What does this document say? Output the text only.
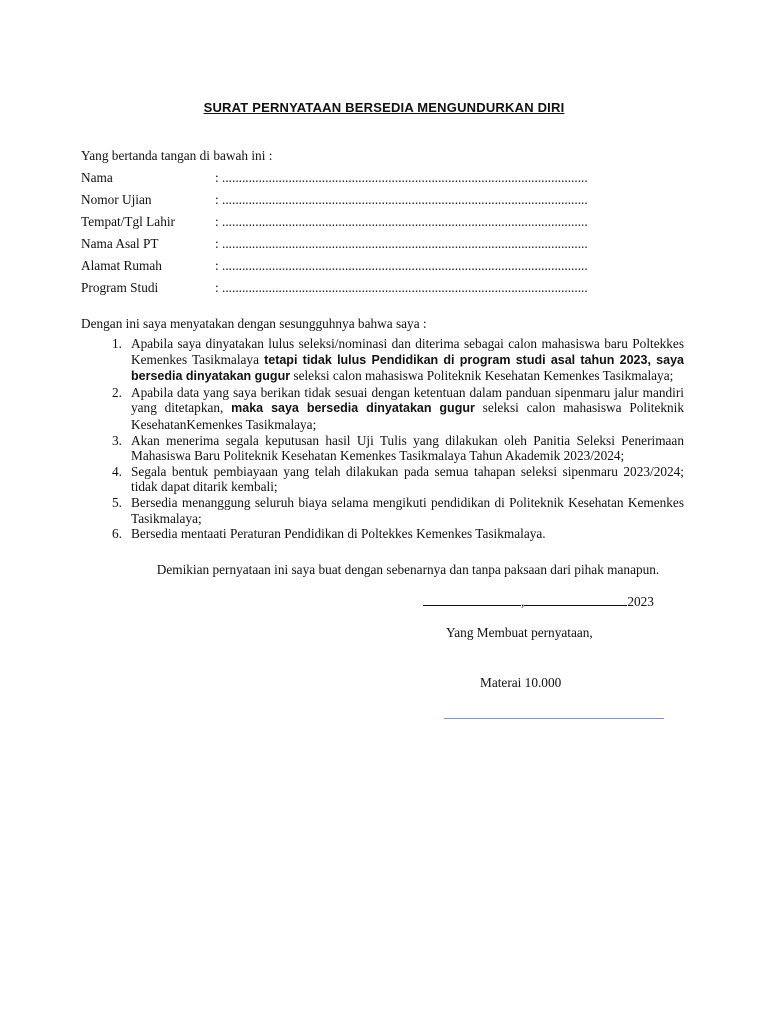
SURAT PERNYATAAN BERSEDIA MENGUNDURKAN DIRI
Yang bertanda tangan di bawah ini :
Nama	: ..............................................................................................................
Nomor Ujian	: ..............................................................................................................
Tempat/Tgl Lahir	: ..............................................................................................................
Nama Asal PT	: ..............................................................................................................
Alamat Rumah	: ..............................................................................................................
Program Studi	: ..............................................................................................................
Dengan ini saya menyatakan dengan sesungguhnya bahwa saya :
1. Apabila saya dinyatakan lulus seleksi/nominasi dan diterima sebagai calon mahasiswa baru Poltekkes Kemenkes Tasikmalaya tetapi tidak lulus Pendidikan di program studi asal tahun 2023, saya bersedia dinyatakan gugur seleksi calon mahasiswa Politeknik Kesehatan Kemenkes Tasikmalaya;
2. Apabila data yang saya berikan tidak sesuai dengan ketentuan dalam panduan sipenmaru jalur mandiri yang ditetapkan, maka saya bersedia dinyatakan gugur seleksi calon mahasiswa Politeknik KesehatanKemenkes Tasikmalaya;
3. Akan menerima segala keputusan hasil Uji Tulis yang dilakukan oleh Panitia Seleksi Penerimaan Mahasiswa Baru Politeknik Kesehatan Kemenkes Tasikmalaya Tahun Akademik 2023/2024;
4. Segala bentuk pembiayaan yang telah dilakukan pada semua tahapan seleksi sipenmaru 2023/2024; tidak dapat ditarik kembali;
5. Bersedia menanggung seluruh biaya selama mengikuti pendidikan di Politeknik Kesehatan Kemenkes Tasikmalaya;
6. Bersedia mentaati Peraturan Pendidikan di Poltekkes Kemenkes Tasikmalaya.
Demikian pernyataan ini saya buat dengan sebenarnya dan tanpa paksaan dari pihak manapun.
,	2023
Yang Membuat pernyataan,
Materai 10.000
